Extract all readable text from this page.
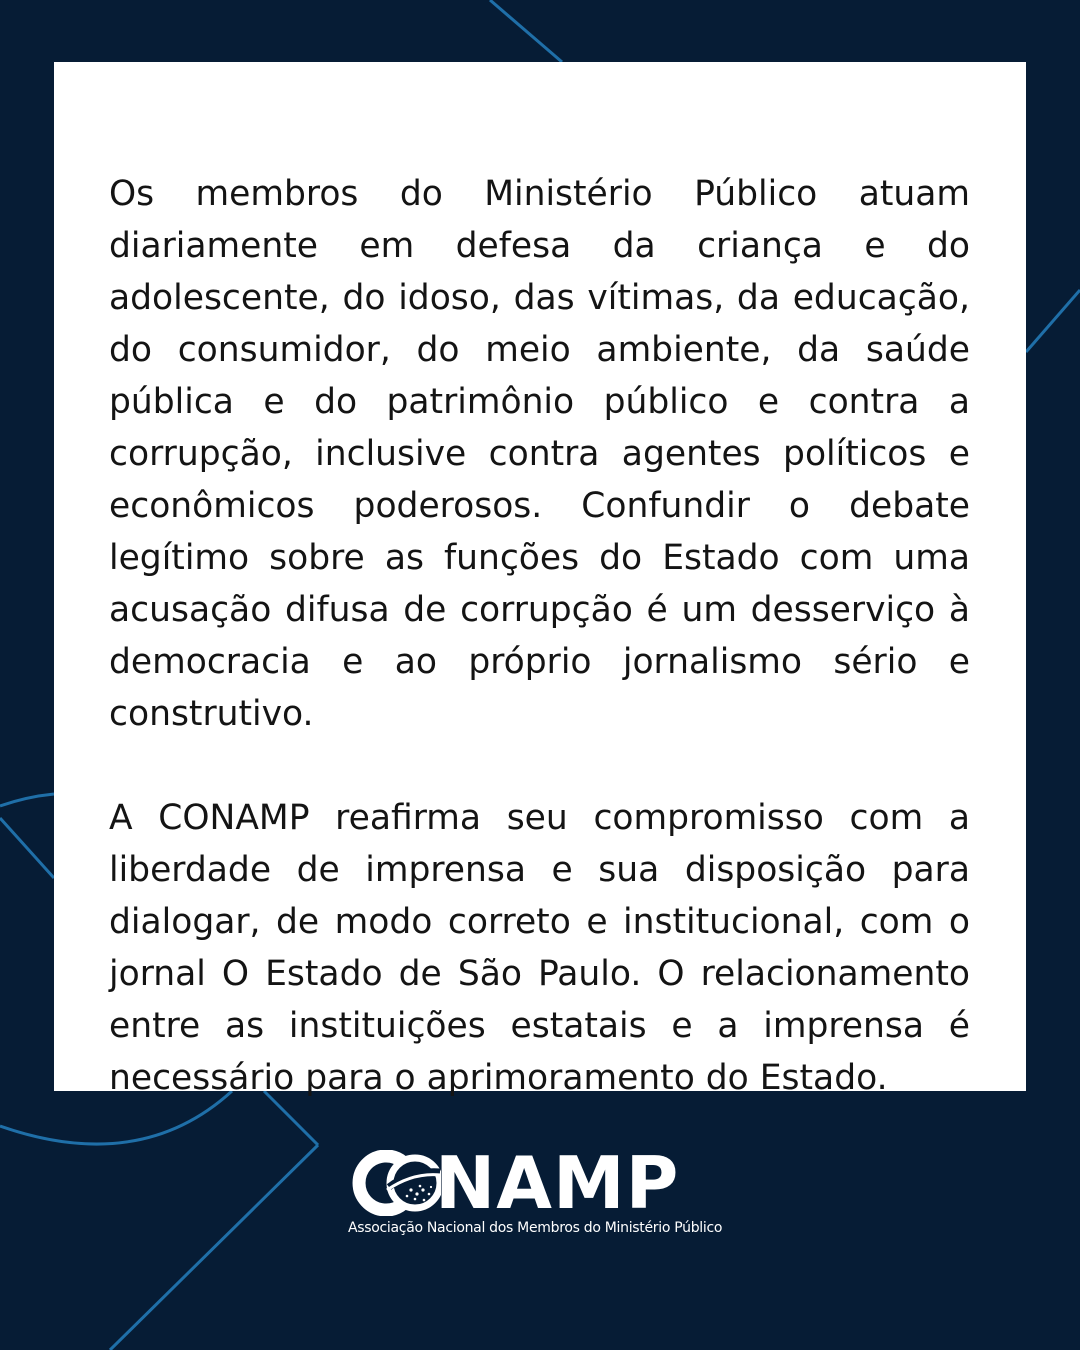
Os membros do Ministério Público atuam diariamente em defesa da criança e do adolescente, do idoso, das vítimas, da educação, do consumidor, do meio ambiente, da saúde pública e do patrimônio público e contra a corrupção, inclusive contra agentes políticos e econômicos poderosos. Confundir o debate legítimo sobre as funções do Estado com uma acusação difusa de corrupção é um desserviço à democracia e ao próprio jornalismo sério e construtivo.

A CONAMP reafirma seu compromisso com a liberdade de imprensa e sua disposição para dialogar, de modo correto e institucional, com o jornal O Estado de São Paulo. O relacionamento entre as instituições estatais e a imprensa é necessário para o aprimoramento do Estado.

NAMP
Associação Nacional dos Membros do Ministério Público
